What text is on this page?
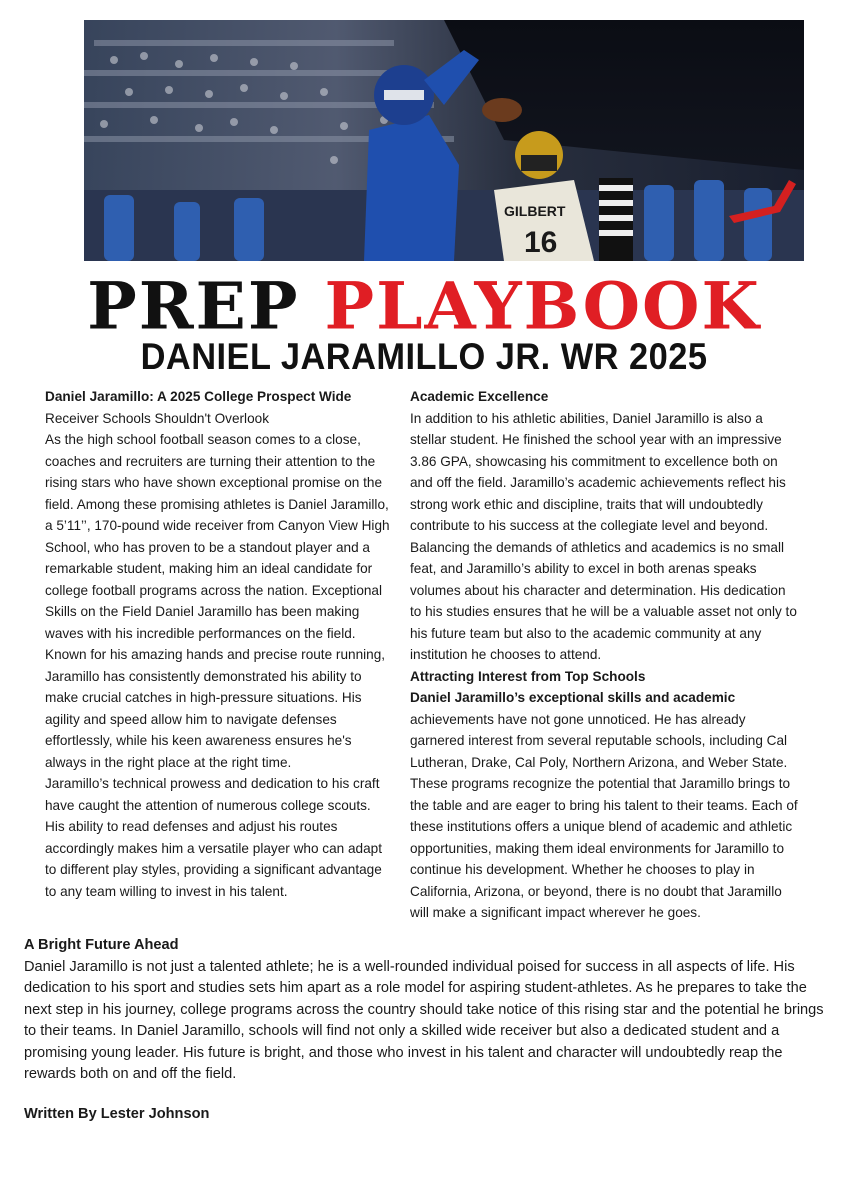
GILBERT
16
PREP PLAYBOOK
DANIEL JARAMILLO JR. WR 2025

Daniel Jaramillo: A 2025 College Prospect Wide

Receiver Schools Shouldn't Overlook

As the high school football season comes to a close, coaches and recruiters are turning their attention to the rising stars who have shown exceptional promise on the field. Among these promising athletes is Daniel Jaramillo, a 5’11’’, 170-pound wide receiver from Canyon View High School, who has proven to be a standout player and a remarkable student, making him an ideal candidate for college football programs across the nation. Exceptional Skills on the Field Daniel Jaramillo has been making waves with his incredible performances on the field. Known for his amazing hands and precise route running, Jaramillo has consistently demonstrated his ability to make crucial catches in high-pressure situations. His agility and speed allow him to navigate defenses effortlessly, while his keen awareness ensures he's always in the right place at the right time.

Jaramillo’s technical prowess and dedication to his craft have caught the attention of numerous college scouts. His ability to read defenses and adjust his routes accordingly makes him a versatile player who can adapt to different play styles, providing a significant advantage to any team willing to invest in his talent.

Academic Excellence

In addition to his athletic abilities, Daniel Jaramillo is also a stellar student. He finished the school year with an impressive 3.86 GPA, showcasing his commitment to excellence both on and off the field. Jaramillo’s academic achievements reflect his strong work ethic and discipline, traits that will undoubtedly contribute to his success at the collegiate level and beyond.

Balancing the demands of athletics and academics is no small feat, and Jaramillo’s ability to excel in both arenas speaks volumes about his character and determination. His dedication to his studies ensures that he will be a valuable asset not only to his future team but also to the academic community at any institution he chooses to attend.

Attracting Interest from Top Schools

Daniel Jaramillo’s exceptional skills and academic

achievements have not gone unnoticed. He has already garnered interest from several reputable schools, including Cal Lutheran, Drake, Cal Poly, Northern Arizona, and Weber State. These programs recognize the potential that Jaramillo brings to the table and are eager to bring his talent to their teams. Each of these institutions offers a unique blend of academic and athletic opportunities, making them ideal environments for Jaramillo to continue his development. Whether he chooses to play in California, Arizona, or beyond, there is no doubt that Jaramillo will make a significant impact wherever he goes.

A Bright Future Ahead

Daniel Jaramillo is not just a talented athlete; he is a well-rounded individual poised for success in all aspects of life. His dedication to his sport and studies sets him apart as a role model for aspiring student-athletes. As he prepares to take the next step in his journey, college programs across the country should take notice of this rising star and the potential he brings to their teams. In Daniel Jaramillo, schools will find not only a skilled wide receiver but also a dedicated student and a promising young leader. His future is bright, and those who invest in his talent and character will undoubtedly reap the rewards both on and off the field.

Written By Lester Johnson
